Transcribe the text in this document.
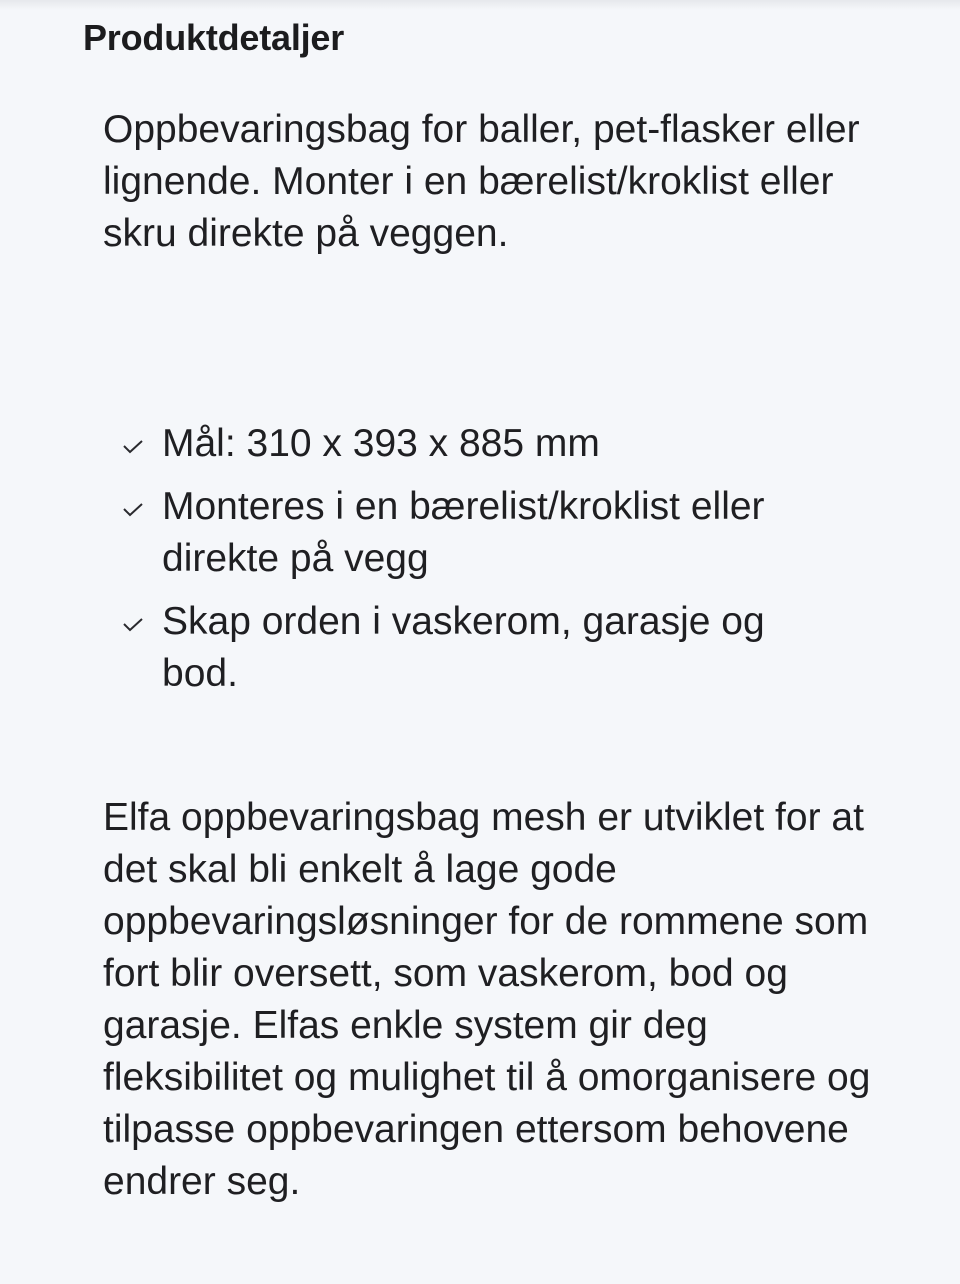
Produktdetaljer

Oppbevaringsbag for baller, pet-flasker eller lignende. Monter i en bærelist/kroklist eller skru direkte på veggen.

Mål: 310 x 393 x 885 mm
Monteres i en bærelist/kroklist eller direkte på vegg
Skap orden i vaskerom, garasje og bod.

Elfa oppbevaringsbag mesh er utviklet for at det skal bli enkelt å lage gode oppbevaringsløsninger for de rommene som fort blir oversett, som vaskerom, bod og garasje. Elfas enkle system gir deg fleksibilitet og mulighet til å omorganisere og tilpasse oppbevaringen ettersom behovene endrer seg.
